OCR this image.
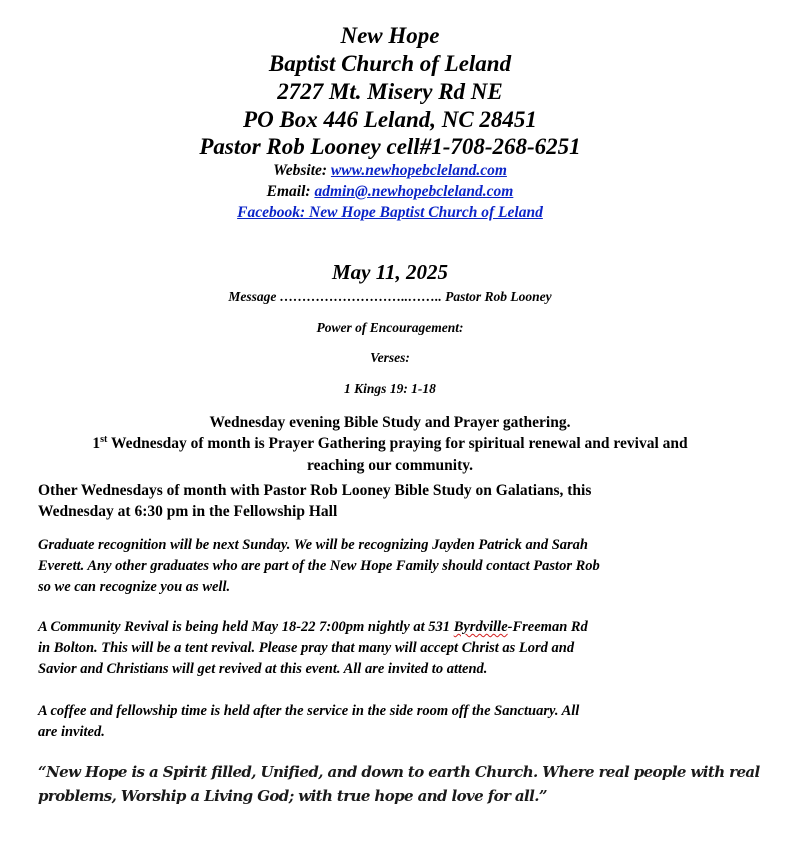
New Hope
Baptist Church of Leland
2727 Mt. Misery Rd NE
PO Box 446 Leland, NC 28451
Pastor Rob Looney cell#1-708-268-6251
Website: www.newhopebcleland.com
Email: admin@.newhopebcleland.com
Facebook: New Hope Baptist Church of Leland
May 11, 2025
Message ………………………..…….. Pastor Rob Looney
Power of Encouragement:
Verses:
1 Kings 19: 1-18
Wednesday evening Bible Study and Prayer gathering.
1st Wednesday of month is Prayer Gathering praying for spiritual renewal and revival and
reaching our community.
Other Wednesdays of month with Pastor Rob Looney Bible Study on Galatians, this
Wednesday at 6:30 pm in the Fellowship Hall
Graduate recognition will be next Sunday. We will be recognizing Jayden Patrick and Sarah
Everett. Any other graduates who are part of the New Hope Family should contact Pastor Rob
so we can recognize you as well.
A Community Revival is being held May 18-22 7:00pm nightly at 531 Byrdville-Freeman Rd
in Bolton. This will be a tent revival. Please pray that many will accept Christ as Lord and
Savior and Christians will get revived at this event. All are invited to attend.
A coffee and fellowship time is held after the service in the side room off the Sanctuary. All
are invited.
“New Hope is a Spirit filled, Unified, and down to earth Church. Where real people with real
problems, Worship a Living God; with true hope and love for all.”
